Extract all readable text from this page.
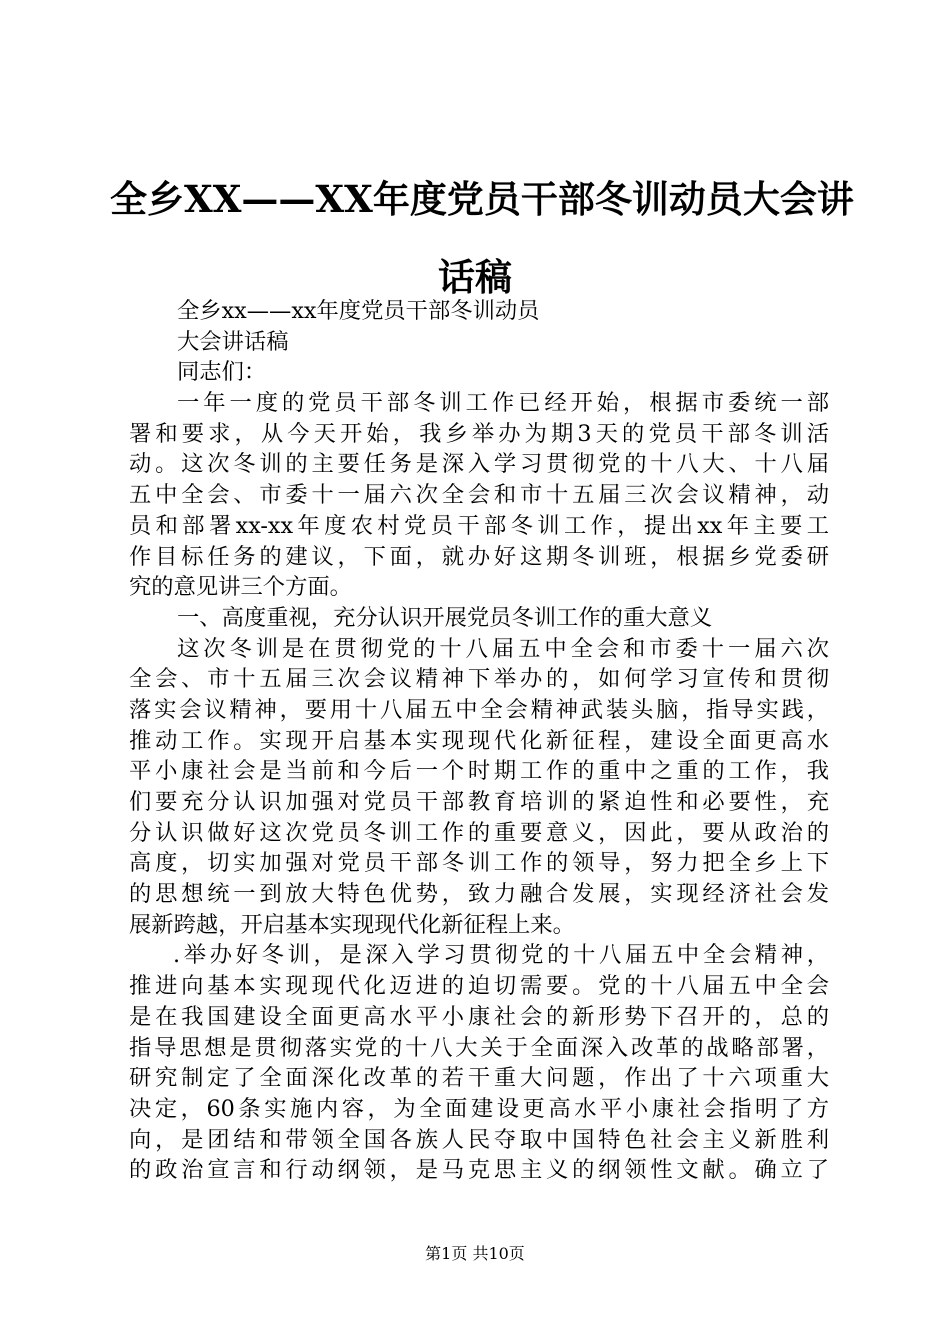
全乡XX——XX年度党员干部冬训动员大会讲
话稿
全乡xx——xx年度党员干部冬训动员
大会讲话稿
同志们：
一年一度的党员干部冬训工作已经开始，根据市委统一部
署和要求，从今天开始，我乡举办为期3天的党员干部冬训活
动。这次冬训的主要任务是深入学习贯彻党的十八大、十八届
五中全会、市委十一届六次全会和市十五届三次会议精神，动
员和部署xx-xx年度农村党员干部冬训工作，提出xx年主要工
作目标任务的建议，下面，就办好这期冬训班，根据乡党委研
究的意见讲三个方面。
一、高度重视，充分认识开展党员冬训工作的重大意义
这次冬训是在贯彻党的十八届五中全会和市委十一届六次
全会、市十五届三次会议精神下举办的，如何学习宣传和贯彻
落实会议精神，要用十八届五中全会精神武装头脑，指导实践，
推动工作。实现开启基本实现现代化新征程，建设全面更高水
平小康社会是当前和今后一个时期工作的重中之重的工作，我
们要充分认识加强对党员干部教育培训的紧迫性和必要性，充
分认识做好这次党员冬训工作的重要意义，因此，要从政治的
高度，切实加强对党员干部冬训工作的领导，努力把全乡上下
的思想统一到放大特色优势，致力融合发展，实现经济社会发
展新跨越，开启基本实现现代化新征程上来。
.举办好冬训，是深入学习贯彻党的十八届五中全会精神，
推进向基本实现现代化迈进的迫切需要。党的十八届五中全会
是在我国建设全面更高水平小康社会的新形势下召开的，总的
指导思想是贯彻落实党的十八大关于全面深入改革的战略部署，
研究制定了全面深化改革的若干重大问题，作出了十六项重大
决定，60条实施内容，为全面建设更高水平小康社会指明了方
向，是团结和带领全国各族人民夺取中国特色社会主义新胜利
的政治宣言和行动纲领，是马克思主义的纲领性文献。确立了
第1页 共10页
